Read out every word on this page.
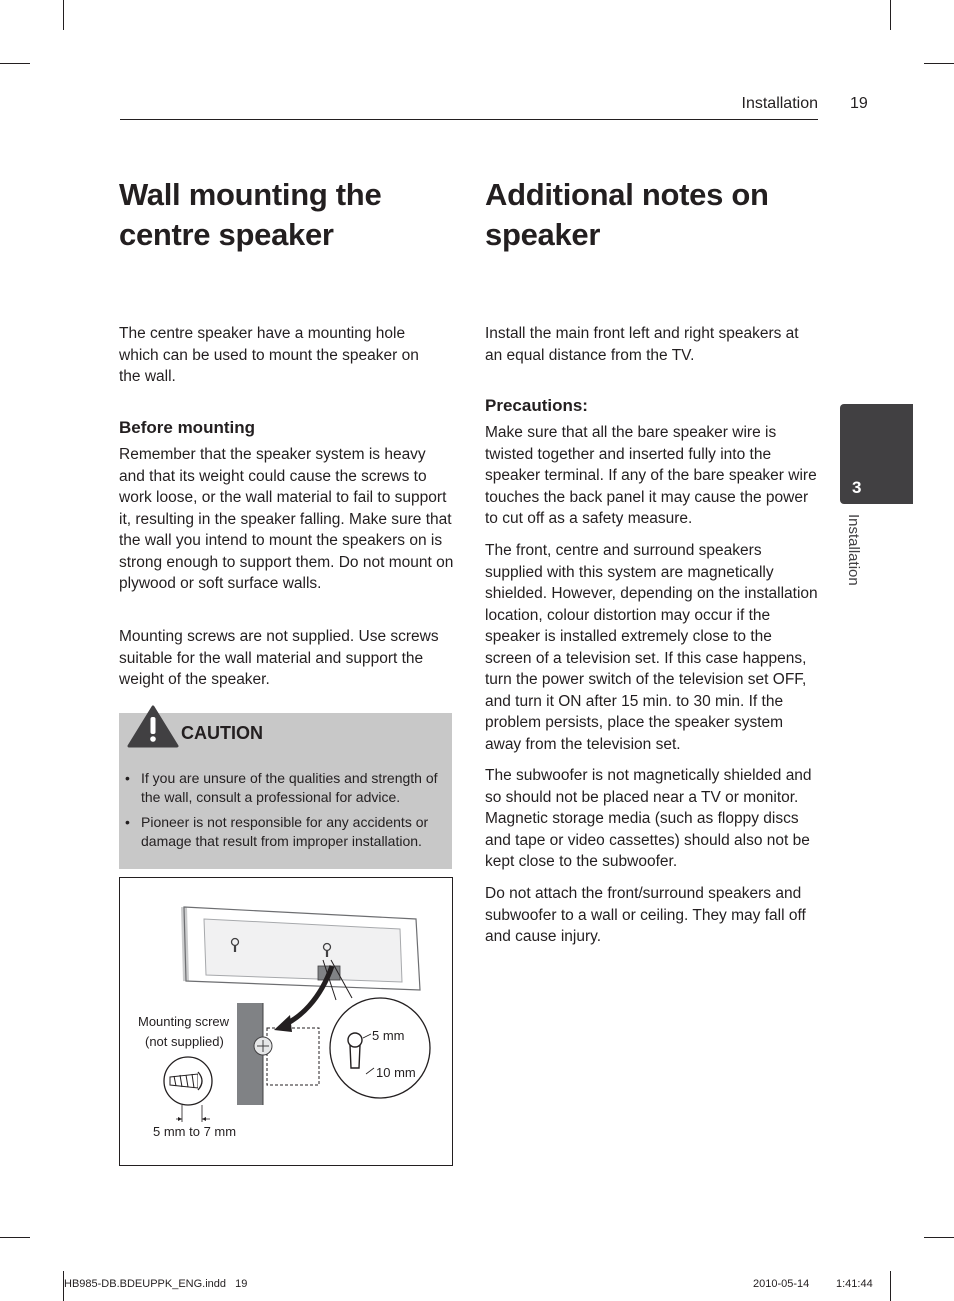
Installation 19
Wall mounting the
centre speaker

The centre speaker have a mounting hole which can be used to mount the speaker on the wall.

Before mounting

Remember that the speaker system is heavy and that its weight could cause the screws to work loose, or the wall material to fail to support it, resulting in the speaker falling. Make sure that the wall you intend to mount the speakers on is strong enough to support them. Do not mount on plywood or soft surface walls.

Mounting screws are not supplied. Use screws suitable for the wall material and support the weight of the speaker.

CAUTION
• If you are unsure of the qualities and strength of the wall, consult a professional for advice.
• Pioneer is not responsible for any accidents or damage that result from improper installation.
Mounting screw
(not supplied)	5 mm
10 mm
5 mm to 7 mm
Additional notes on
speaker

Install the main front left and right speakers at an equal distance from the TV.

Precautions:

Make sure that all the bare speaker wire is twisted together and inserted fully into the speaker terminal. If any of the bare speaker wire touches the back panel it may cause the power to cut off as a safety measure.

The front, centre and surround speakers supplied with this system are magnetically shielded. However, depending on the installation location, colour distortion may occur if the speaker is installed extremely close to the screen of a television set. If this case happens, turn the power switch of the television set OFF, and turn it ON after 15 min. to 30 min. If the problem persists, place the speaker system away from the television set.

The subwoofer is not magnetically shielded and so should not be placed near a TV or monitor. Magnetic storage media (such as floppy discs and tape or video cassettes) should also not be kept close to the subwoofer.

Do not attach the front/surround speakers and subwoofer to a wall or ceiling. They may fall off and cause injury.

3
Installation
HB985-DB.BDEUPPK_ENG.indd   19	2010-05-14 1:41:44
